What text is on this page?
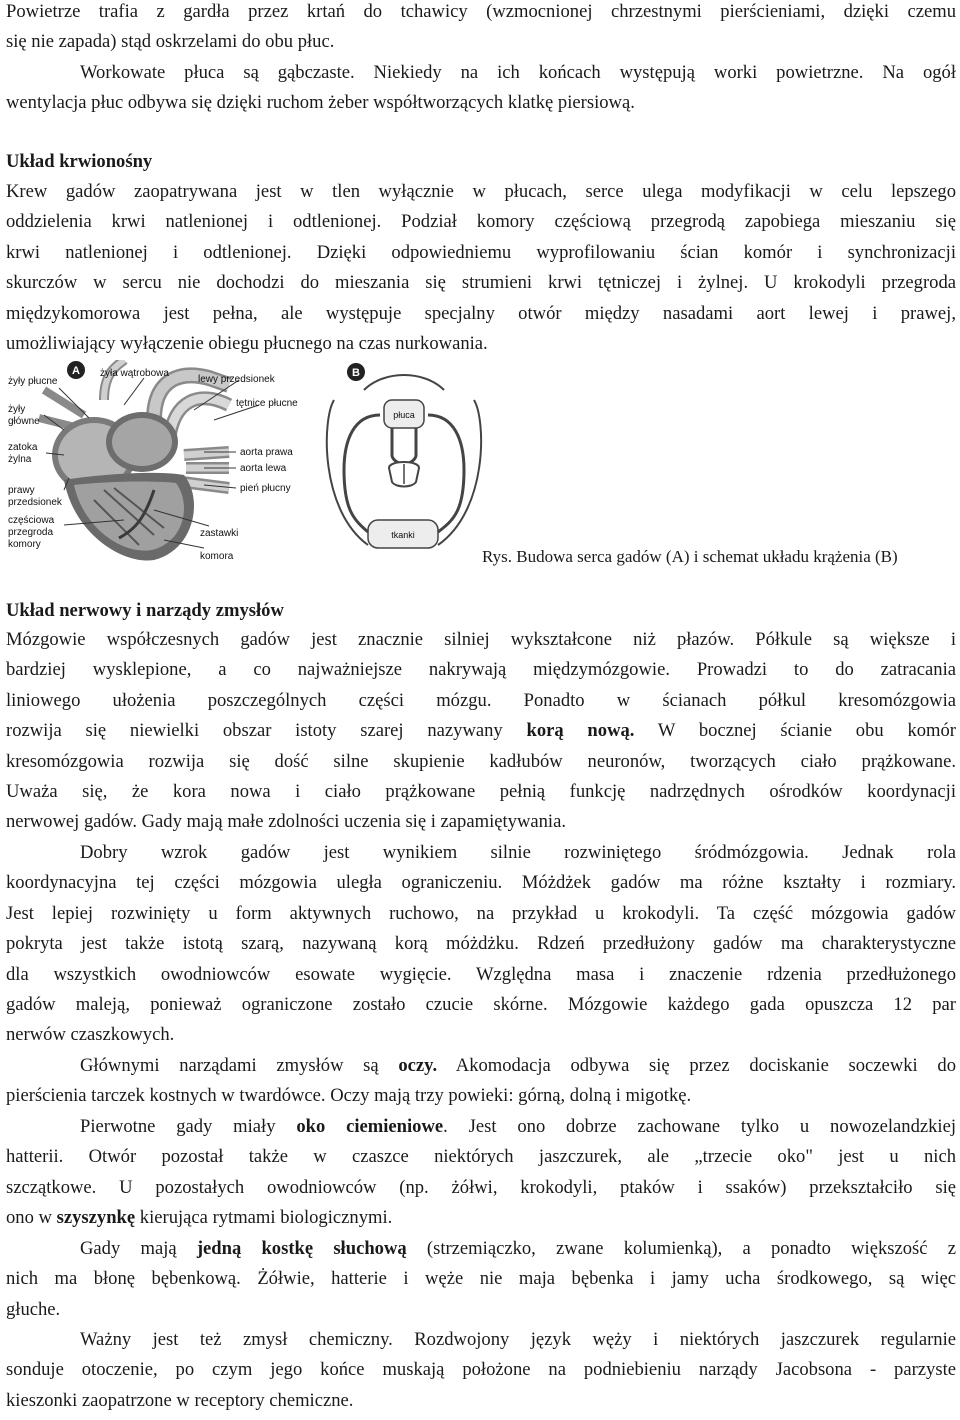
Powietrze trafia z gardła przez krtań do tchawicy (wzmocnionej chrzestnymi pierścieniami, dzięki czemu
się nie zapada) stąd oskrzelami do obu płuc.
Workowate płuca są gąbczaste. Niekiedy na ich końcach występują worki powietrzne. Na ogół
wentylacja płuc odbywa się dzięki ruchom żeber współtworzących klatkę piersiową.
Układ krwionośny
Krew gadów zaopatrywana jest w tlen wyłącznie w płucach, serce ulega modyfikacji w celu lepszego
oddzielenia krwi natlenionej i odtlenionej. Podział komory częściową przegrodą zapobiega mieszaniu się
krwi natlenionej i odtlenionej. Dzięki odpowiedniemu wyprofilowaniu ścian komór i synchronizacji
skurczów w sercu nie dochodzi do mieszania się strumieni krwi tętniczej i żylnej. U krokodyli przegroda
międzykomorowa jest pełna, ale występuje specjalny otwór między nasadami aort lewej i prawej,
umożliwiający wyłączenie obiegu płucnego na czas nurkowania.
A
żyły płucne
żyła wątrobowa
lewy przedsionek
żyły
główne
tętnice płucne
zatoka
żylna
aorta prawa
aorta lewa
prawy
przedsionek
pień płucny
częściowa
przegroda
komory
zastawki
komora
B
płuca
tkanki
Rys. Budowa serca gadów (A) i schemat układu krążenia (B)
Układ nerwowy i narządy zmysłów
Mózgowie współczesnych gadów jest znacznie silniej wykształcone niż płazów. Półkule są większe i
bardziej wysklepione, a co najważniejsze nakrywają międzymózgowie. Prowadzi to do zatracania
liniowego ułożenia poszczególnych części mózgu. Ponadto w ścianach półkul kresomózgowia
rozwija się niewielki obszar istoty szarej nazywany korą nową. W bocznej ścianie obu komór
kresomózgowia rozwija się dość silne skupienie kadłubów neuronów, tworzących ciało prążkowane.
Uważa się, że kora nowa i ciało prążkowane pełnią funkcję nadrzędnych ośrodków koordynacji
nerwowej gadów. Gady mają małe zdolności uczenia się i zapamiętywania.
Dobry wzrok gadów jest wynikiem silnie rozwiniętego śródmózgowia. Jednak rola
koordynacyjna tej części mózgowia uległa ograniczeniu. Móżdżek gadów ma różne kształty i rozmiary.
Jest lepiej rozwinięty u form aktywnych ruchowo, na przykład u krokodyli. Ta część mózgowia gadów
pokryta jest także istotą szarą, nazywaną korą móżdżku. Rdzeń przedłużony gadów ma charakterystyczne
dla wszystkich owodniowców esowate wygięcie. Względna masa i znaczenie rdzenia przedłużonego
gadów maleją, ponieważ ograniczone zostało czucie skórne. Mózgowie każdego gada opuszcza 12 par
nerwów czaszkowych.
Głównymi narządami zmysłów są oczy. Akomodacja odbywa się przez dociskanie soczewki do
pierścienia tarczek kostnych w twardówce. Oczy mają trzy powieki: górną, dolną i migotkę.
Pierwotne gady miały oko ciemieniowe. Jest ono dobrze zachowane tylko u nowozelandzkiej
hatterii. Otwór pozostał także w czaszce niektórych jaszczurek, ale „trzecie oko" jest u nich
szczątkowe. U pozostałych owodniowców (np. żółwi, krokodyli, ptaków i ssaków) przekształciło się
ono w szyszynkę kierująca rytmami biologicznymi.
Gady mają jedną kostkę słuchową (strzemiączko, zwane kolumienką), a ponadto większość z
nich ma błonę bębenkową. Żółwie, hatterie i węże nie maja bębenka i jamy ucha środkowego, są więc
głuche.
Ważny jest też zmysł chemiczny. Rozdwojony język węży i niektórych jaszczurek regularnie
sonduje otoczenie, po czym jego końce muskają położone na podniebieniu narządy Jacobsona - parzyste
kieszonki zaopatrzone w receptory chemiczne.
